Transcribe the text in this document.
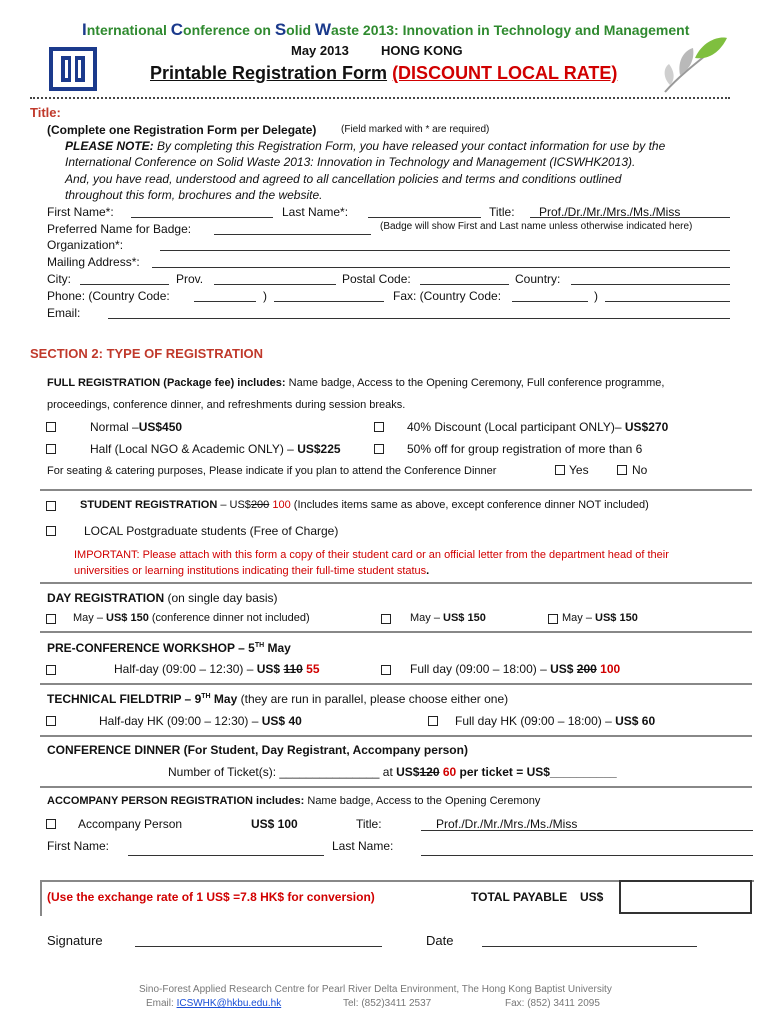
International Conference on Solid Waste 2013: Innovation in Technology and Management
May 2013 HONG KONG
Printable Registration Form (DISCOUNT LOCAL RATE)
Title:
(Complete one Registration Form per Delegate) (Field marked with * are required)
PLEASE NOTE: By completing this Registration Form, you have released your contact information for use by the
International Conference on Solid Waste 2013: Innovation in Technology and Management (ICSWHK2013).
And, you have read, understood and agreed to all cancellation policies and terms and conditions outlined
throughout this form, brochures and the website.
First Name*:	Last Name*:	Title: Prof./Dr./Mr./Mrs./Ms./Miss
Preferred Name for Badge:	(Badge will show First and Last name unless otherwise indicated here)
Organization*:
Mailing Address*:
City:	Prov.	Postal Code:	Country:
Phone: (Country Code:	)	Fax: (Country Code:	)
Email:
SECTION 2: TYPE OF REGISTRATION
FULL REGISTRATION (Package fee) includes: Name badge, Access to the Opening Ceremony, Full conference programme,
proceedings, conference dinner, and refreshments during session breaks.
Normal –US$450	40% Discount (Local participant ONLY)– US$270
Half (Local NGO & Academic ONLY) – US$225	50% off for group registration of more than 6
For seating & catering purposes, Please indicate if you plan to attend the Conference Dinner	Yes	No
STUDENT REGISTRATION – US$200 100 (Includes items same as above, except conference dinner NOT included)
LOCAL Postgraduate students (Free of Charge)
IMPORTANT: Please attach with this form a copy of their student card or an official letter from the department head of their
universities or learning institutions indicating their full-time student status.
DAY REGISTRATION (on single day basis)
May – US$ 150 (conference dinner not included)	May – US$ 150	May – US$ 150
PRE-CONFERENCE WORKSHOP – 5TH May
Half-day (09:00 – 12:30) – US$ 110 55	Full day (09:00 – 18:00) – US$ 200 100
TECHNICAL FIELDTRIP – 9TH May (they are run in parallel, please choose either one)
Half-day HK (09:00 – 12:30) – US$ 40	Full day HK (09:00 – 18:00) – US$ 60
CONFERENCE DINNER (For Student, Day Registrant, Accompany person)
Number of Ticket(s): _______________ at US$120 60 per ticket = US$__________
ACCOMPANY PERSON REGISTRATION includes: Name badge, Access to the Opening Ceremony
Accompany Person	US$ 100	Title:	Prof./Dr./Mr./Mrs./Ms./Miss
First Name:	Last Name:
(Use the exchange rate of 1 US$ =7.8 HK$ for conversion)	TOTAL PAYABLE US$
Signature	Date
Sino-Forest Applied Research Centre for Pearl River Delta Environment, The Hong Kong Baptist University
Email: ICSWHK@hkbu.edu.hk	Tel: (852)3411 2537	Fax: (852) 3411 2095
